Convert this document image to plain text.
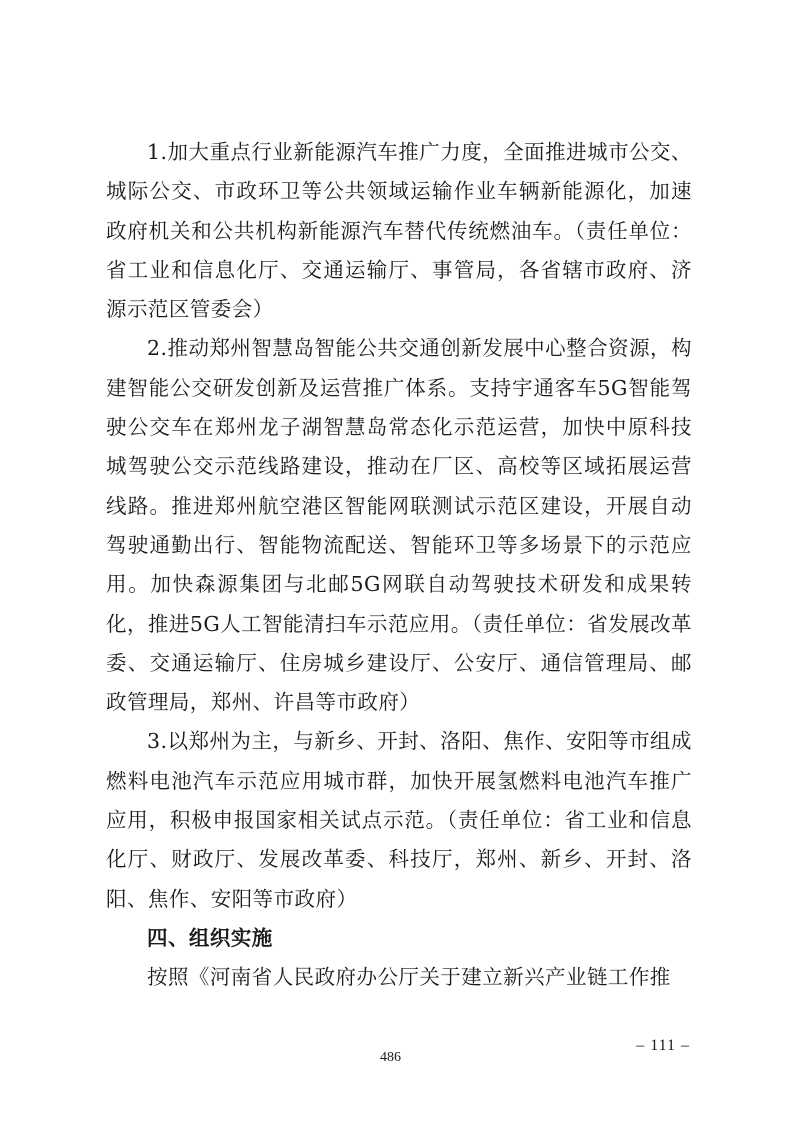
1.加大重点行业新能源汽车推广力度，全面推进城市公交、城际公交、市政环卫等公共领域运输作业车辆新能源化，加速政府机关和公共机构新能源汽车替代传统燃油车。（责任单位：省工业和信息化厅、交通运输厅、事管局，各省辖市政府、济源示范区管委会）

2.推动郑州智慧岛智能公共交通创新发展中心整合资源，构建智能公交研发创新及运营推广体系。支持宇通客车5G智能驾驶公交车在郑州龙子湖智慧岛常态化示范运营，加快中原科技城驾驶公交示范线路建设，推动在厂区、高校等区域拓展运营线路。推进郑州航空港区智能网联测试示范区建设，开展自动驾驶通勤出行、智能物流配送、智能环卫等多场景下的示范应用。加快森源集团与北邮5G网联自动驾驶技术研发和成果转化，推进5G人工智能清扫车示范应用。（责任单位：省发展改革委、交通运输厅、住房城乡建设厅、公安厅、通信管理局、邮政管理局，郑州、许昌等市政府）

3.以郑州为主，与新乡、开封、洛阳、焦作、安阳等市组成燃料电池汽车示范应用城市群，加快开展氢燃料电池汽车推广应用，积极申报国家相关试点示范。（责任单位：省工业和信息化厅、财政厅、发展改革委、科技厅，郑州、新乡、开封、洛阳、焦作、安阳等市政府）

四、组织实施

按照《河南省人民政府办公厅关于建立新兴产业链工作推

– 111 –
486
